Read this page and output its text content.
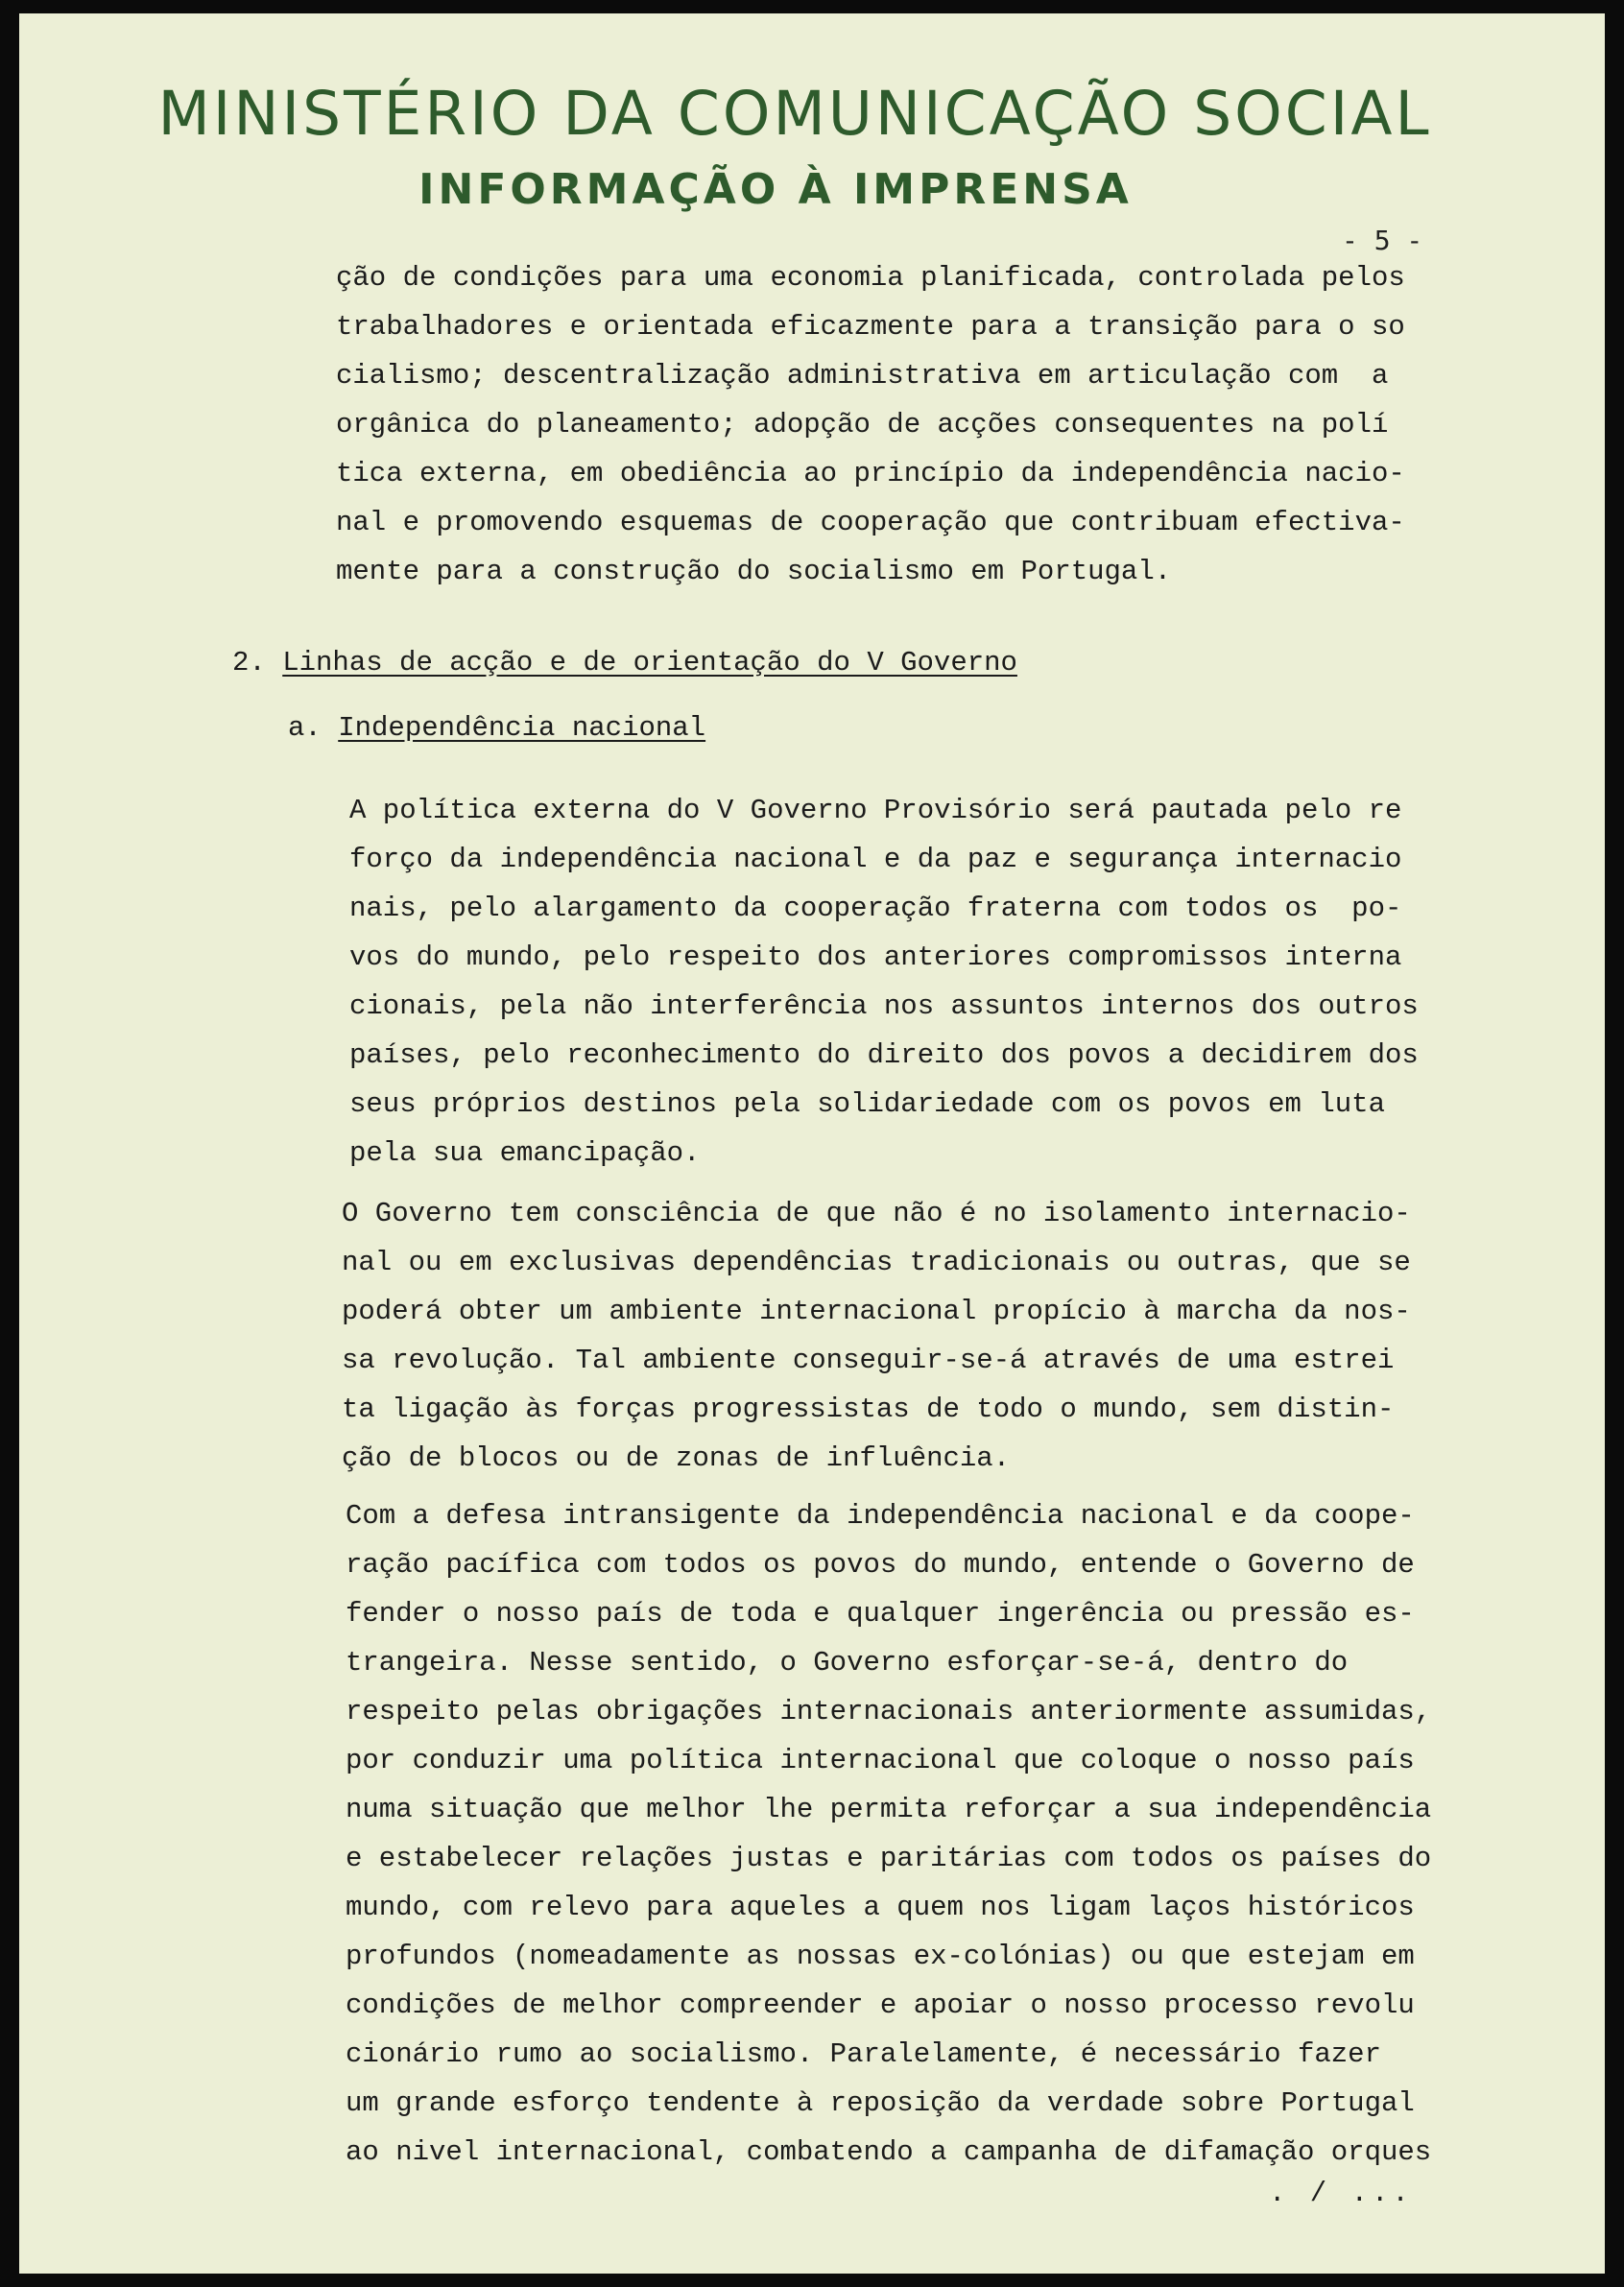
MINISTÉRIO DA COMUNICAÇÃO SOCIAL
INFORMAÇÃO À IMPRENSA
- 5 -

ção de condições para uma economia planificada, controlada pelos
trabalhadores e orientada eficazmente para a transição para o so
cialismo; descentralização administrativa em articulação com  a
orgânica do planeamento; adopção de acções consequentes na polí
tica externa, em obediência ao princípio da independência nacio-
nal e promovendo esquemas de cooperação que contribuam efectiva-
mente para a construção do socialismo em Portugal.

2. Linhas de acção e de orientação do V Governo
a. Independência nacional

A política externa do V Governo Provisório será pautada pelo re
forço da independência nacional e da paz e segurança internacio
nais, pelo alargamento da cooperação fraterna com todos os  po-
vos do mundo, pelo respeito dos anteriores compromissos interna
cionais, pela não interferência nos assuntos internos dos outros
países, pelo reconhecimento do direito dos povos a decidirem dos
seus próprios destinos pela solidariedade com os povos em luta
pela sua emancipação.

O Governo tem consciência de que não é no isolamento internacio-
nal ou em exclusivas dependências tradicionais ou outras, que se
poderá obter um ambiente internacional propício à marcha da nos-
sa revolução. Tal ambiente conseguir-se-á através de uma estrei
ta ligação às forças progressistas de todo o mundo, sem distin-
ção de blocos ou de zonas de influência.

Com a defesa intransigente da independência nacional e da coope-
ração pacífica com todos os povos do mundo, entende o Governo de
fender o nosso país de toda e qualquer ingerência ou pressão es-
trangeira. Nesse sentido, o Governo esforçar-se-á, dentro do
respeito pelas obrigações internacionais anteriormente assumidas,
por conduzir uma política internacional que coloque o nosso país
numa situação que melhor lhe permita reforçar a sua independência
e estabelecer relações justas e paritárias com todos os países do
mundo, com relevo para aqueles a quem nos ligam laços históricos
profundos (nomeadamente as nossas ex-colónias) ou que estejam em
condições de melhor compreender e apoiar o nosso processo revolu
cionário rumo ao socialismo. Paralelamente, é necessário fazer
um grande esforço tendente à reposição da verdade sobre Portugal
ao nivel internacional, combatendo a campanha de difamação orques

. / ...
